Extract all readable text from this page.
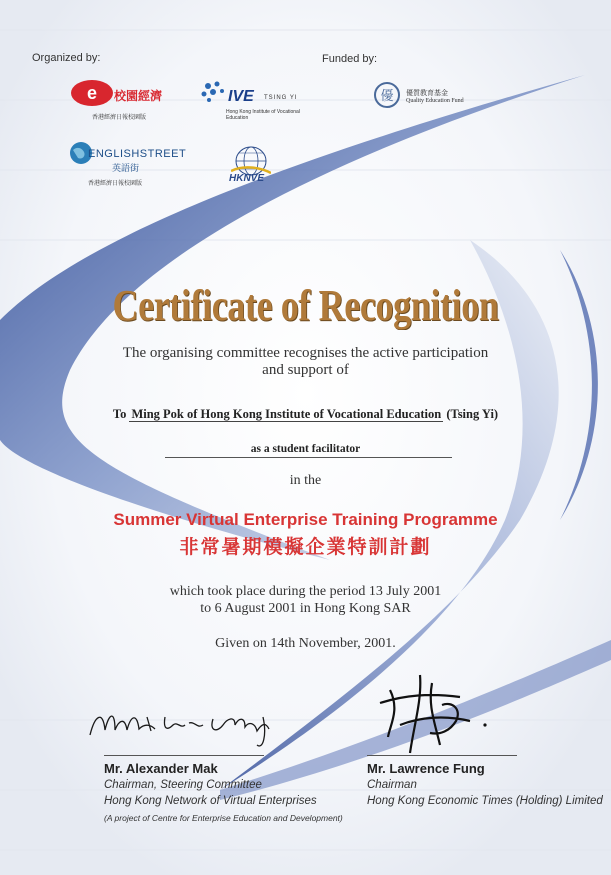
Organized by:	Funded by:
e 校園經濟
香港經濟日報校園版
IVE TSING YI
Hong Kong Institute of Vocational Education
優 優質教育基金
Quality Education Fund
ENGLISHSTREET
英語街
香港經濟日報校園版	HKNVE
Certificate of Recognition
The organising committee recognises the active participation
and support of
To Ming Pok of Hong Kong Institute of Vocational Education (Tsing Yi)
as a student facilitator
in the
Summer Virtual Enterprise Training Programme
非常暑期模擬企業特訓計劃
which took place during the period 13 July 2001
to 6 August 2001 in Hong Kong SAR
Given on 14th November, 2001.
Mr. Alexander Mak
Chairman, Steering Committee
Hong Kong Network of Virtual Enterprises
(A project of Centre for Enterprise Education and Development)
Mr. Lawrence Fung
Chairman
Hong Kong Economic Times (Holding) Limited
